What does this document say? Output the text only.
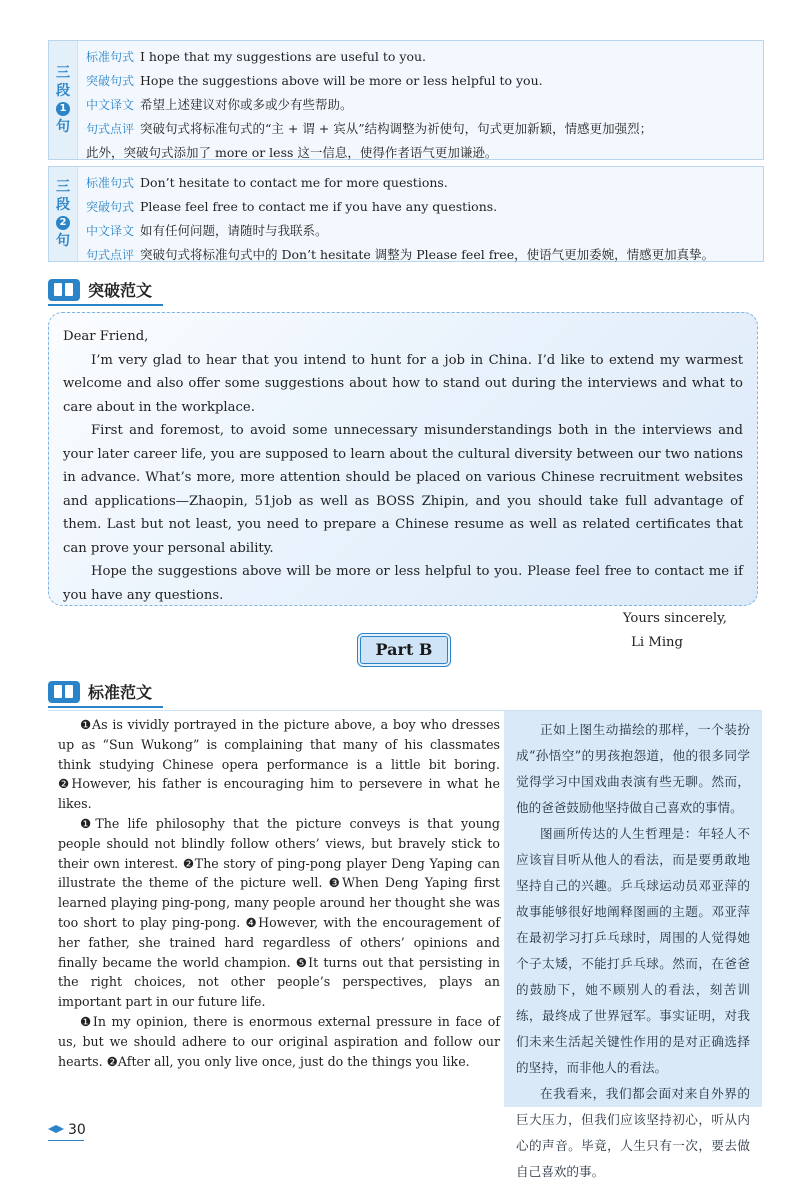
三
段
1
句

标准句式 I hope that my suggestions are useful to you.

突破句式 Hope the suggestions above will be more or less helpful to you.

中文译文 希望上述建议对你或多或少有些帮助。

句式点评 突破句式将标准句式的“主 + 谓 + 宾从”结构调整为祈使句，句式更加新颖，情感更加强烈；

此外，突破句式添加了 more or less 这一信息，使得作者语气更加谦逊。

三
段
2
句

标准句式 Don’t hesitate to contact me for more questions.

突破句式 Please feel free to contact me if you have any questions.

中文译文 如有任何问题，请随时与我联系。

句式点评 突破句式将标准句式中的 Don’t hesitate 调整为 Please feel free，使语气更加委婉，情感更加真挚。

突破范文

Dear Friend,

I’m very glad to hear that you intend to hunt for a job in China. I’d like to extend my warmest welcome and also offer some suggestions about how to stand out during the interviews and what to care about in the workplace.

First and foremost, to avoid some unnecessary misunderstandings both in the interviews and your later career life, you are supposed to learn about the cultural diversity between our two nations in advance. What’s more, more attention should be placed on various Chinese recruitment websites and applications—Zhaopin, 51job as well as BOSS Zhipin, and you should take full advantage of them. Last but not least, you need to prepare a Chinese resume as well as related certificates that can prove your personal ability.

Hope the suggestions above will be more or less helpful to you. Please feel free to contact me if you have any questions.

Yours sincerely,

Li Ming

Part B
标准范文

❶As is vividly portrayed in the picture above, a boy who dresses up as “Sun Wukong” is complaining that many of his classmates think studying Chinese opera performance is a little bit boring. ❷However, his father is encouraging him to persevere in what he likes.

❶The life philosophy that the picture conveys is that young people should not blindly follow others’ views, but bravely stick to their own interest. ❷The story of ping-pong player Deng Yaping can illustrate the theme of the picture well. ❸When Deng Yaping first learned playing ping-pong, many people around her thought she was too short to play ping-pong. ❹However, with the encouragement of her father, she trained hard regardless of others’ opinions and finally became the world champion. ❺It turns out that persisting in the right choices, not other people’s perspectives, plays an important part in our future life.

❶In my opinion, there is enormous external pressure in face of us, but we should adhere to our original aspiration and follow our hearts. ❷After all, you only live once, just do the things you like.

正如上图生动描绘的那样，一个装扮成“孙悟空”的男孩抱怨道，他的很多同学觉得学习中国戏曲表演有些无聊。然而，他的爸爸鼓励他坚持做自己喜欢的事情。

图画所传达的人生哲理是：年轻人不应该盲目听从他人的看法，而是要勇敢地坚持自己的兴趣。乒乓球运动员邓亚萍的故事能够很好地阐释图画的主题。邓亚萍在最初学习打乒乓球时，周围的人觉得她个子太矮，不能打乒乓球。然而，在爸爸的鼓励下，她不顾别人的看法，刻苦训练，最终成了世界冠军。事实证明，对我们未来生活起关键性作用的是对正确选择的坚持，而非他人的看法。

在我看来，我们都会面对来自外界的巨大压力，但我们应该坚持初心，听从内心的声音。毕竟，人生只有一次，要去做自己喜欢的事。

30
